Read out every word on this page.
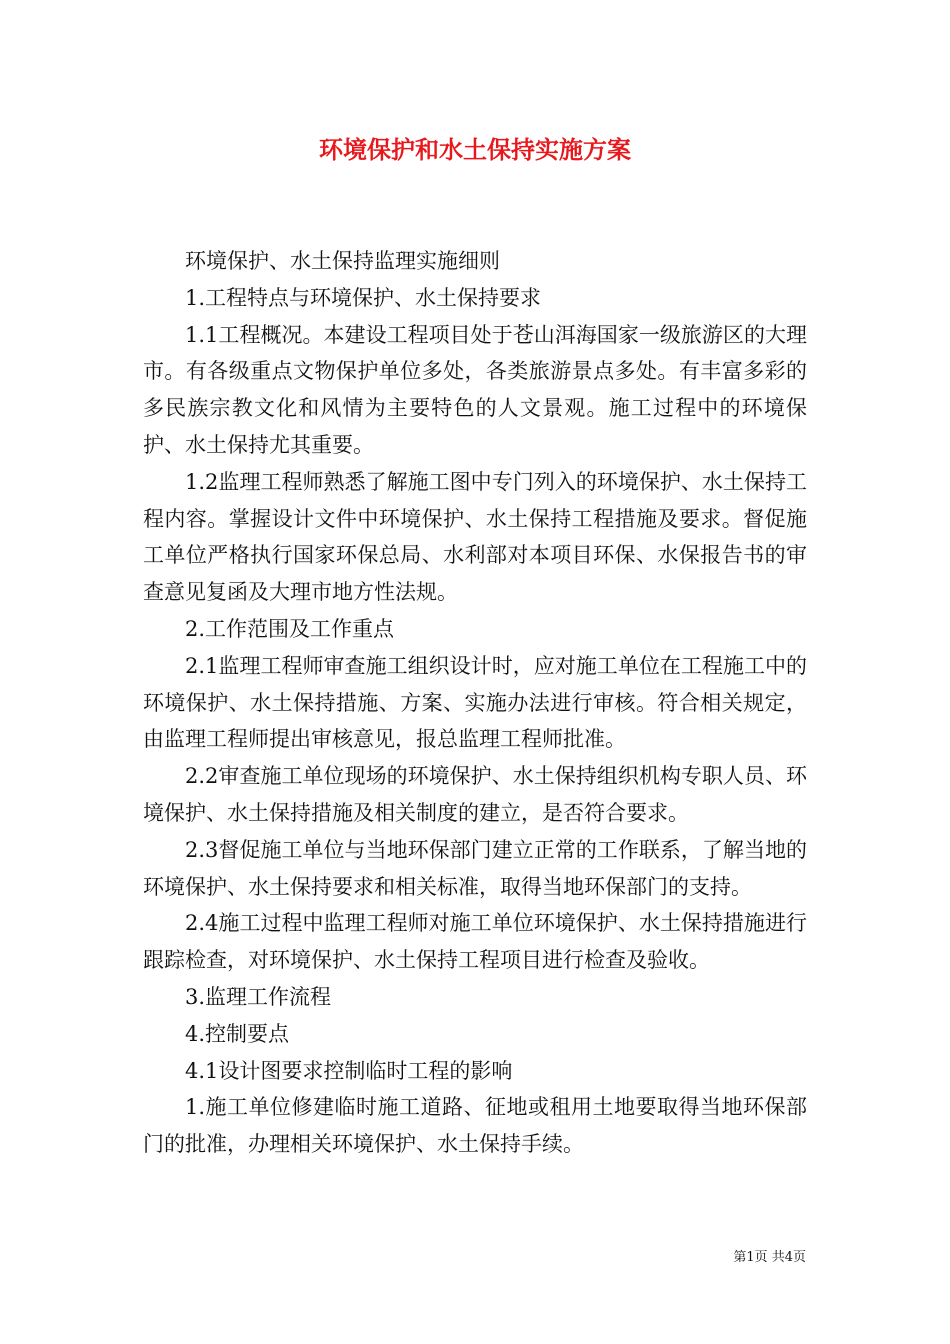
环境保护和水土保持实施方案

环境保护、水土保持监理实施细则

1.工程特点与环境保护、水土保持要求

1.1工程概况。本建设工程项目处于苍山洱海国家一级旅游区的大理市。有各级重点文物保护单位多处，各类旅游景点多处。有丰富多彩的多民族宗教文化和风情为主要特色的人文景观。施工过程中的环境保护、水土保持尤其重要。

1.2监理工程师熟悉了解施工图中专门列入的环境保护、水土保持工程内容。掌握设计文件中环境保护、水土保持工程措施及要求。督促施工单位严格执行国家环保总局、水利部对本项目环保、水保报告书的审查意见复函及大理市地方性法规。

2.工作范围及工作重点

2.1监理工程师审查施工组织设计时，应对施工单位在工程施工中的环境保护、水土保持措施、方案、实施办法进行审核。符合相关规定，由监理工程师提出审核意见，报总监理工程师批准。

2.2审查施工单位现场的环境保护、水土保持组织机构专职人员、环境保护、水土保持措施及相关制度的建立，是否符合要求。

2.3督促施工单位与当地环保部门建立正常的工作联系，了解当地的环境保护、水土保持要求和相关标准，取得当地环保部门的支持。

2.4施工过程中监理工程师对施工单位环境保护、水土保持措施进行跟踪检查，对环境保护、水土保持工程项目进行检查及验收。

3.监理工作流程

4.控制要点

4.1设计图要求控制临时工程的影响

1.施工单位修建临时施工道路、征地或租用土地要取得当地环保部门的批准，办理相关环境保护、水土保持手续。

第1页 共4页
